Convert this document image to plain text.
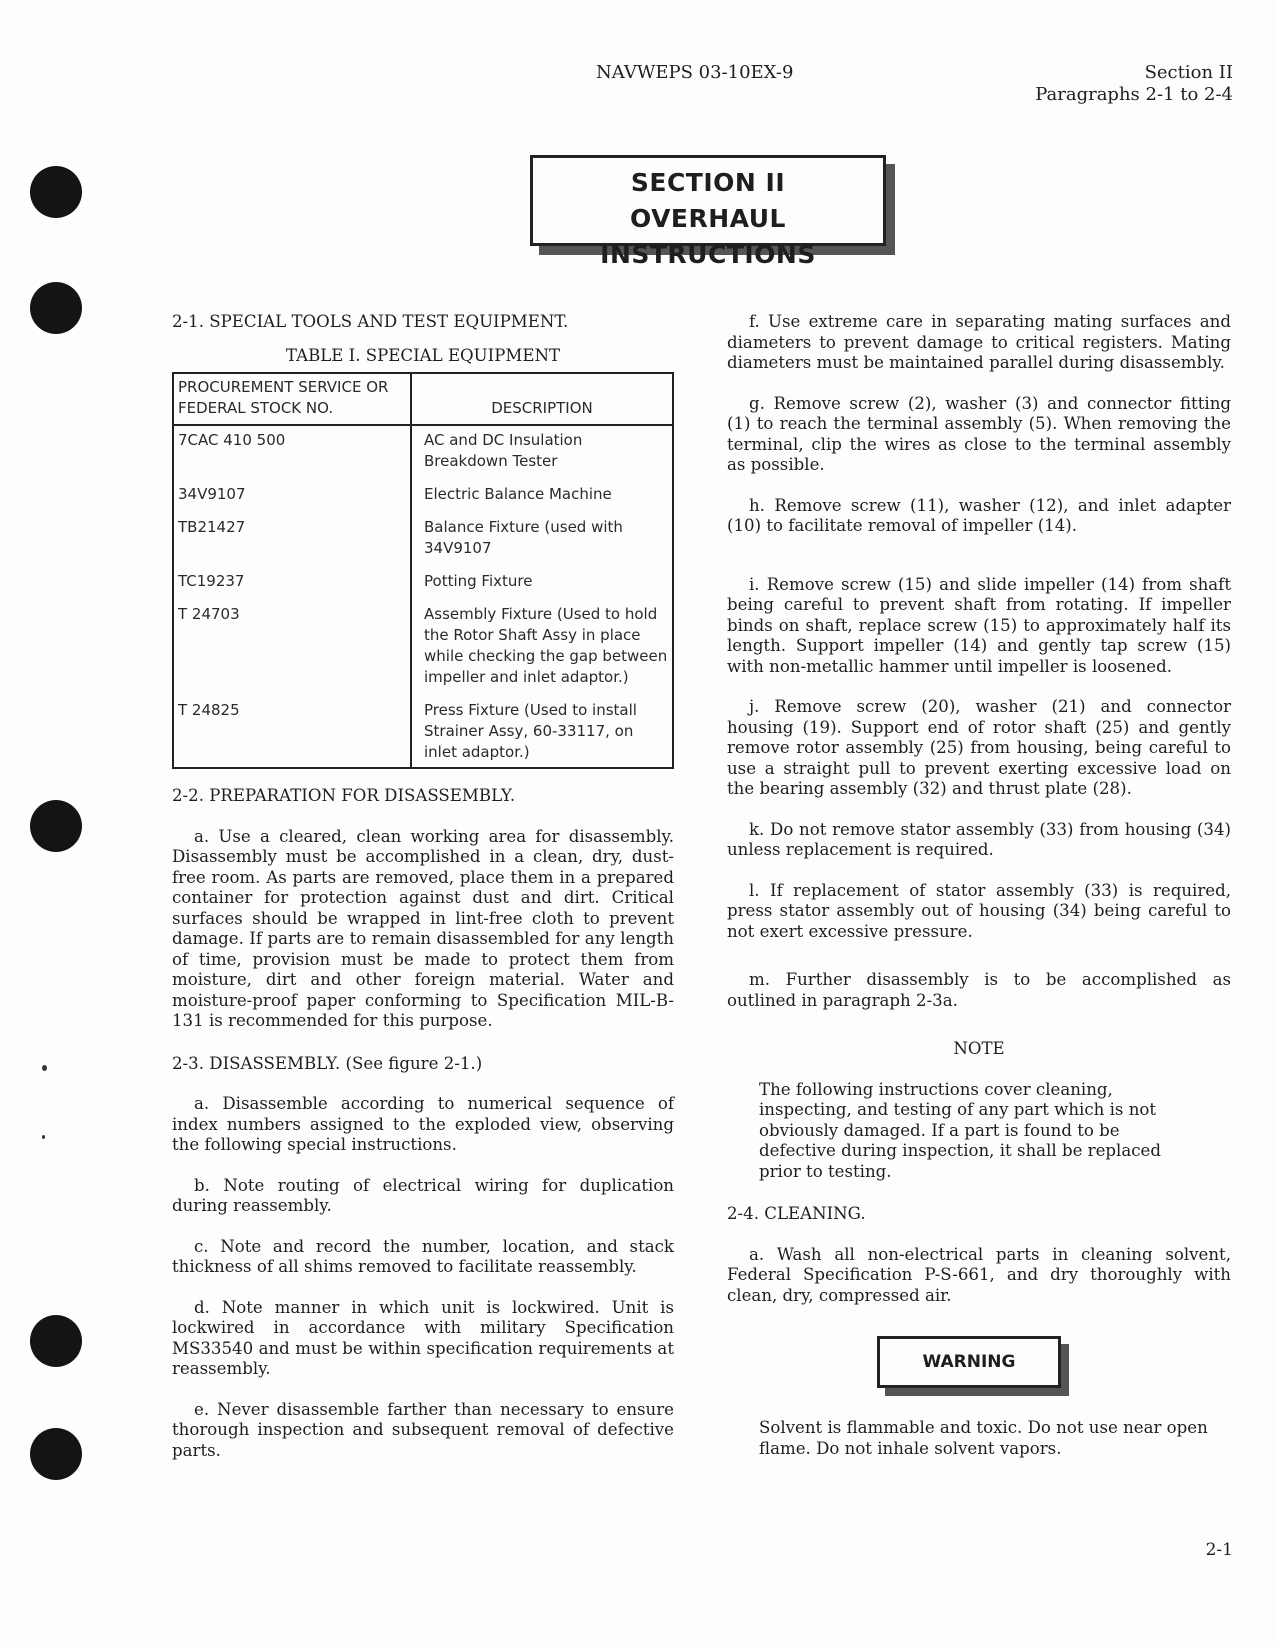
NAVWEPS 03-10EX-9	Section II
Paragraphs 2-1 to 2-4
SECTION II
OVERHAUL INSTRUCTIONS

2-1. SPECIAL TOOLS AND TEST EQUIPMENT.

TABLE I. SPECIAL EQUIPMENT
PROCUREMENT SERVICE OR FEDERAL STOCK NO.	DESCRIPTION
7CAC 410 500	AC and DC Insulation Breakdown Tester
34V9107	Electric Balance Machine
TB21427	Balance Fixture (used with 34V9107
TC19237	Potting Fixture
T 24703	Assembly Fixture (Used to hold the Rotor Shaft Assy in place while checking the gap between impeller and inlet adaptor.)
T 24825	Press Fixture (Used to install Strainer Assy, 60-33117, on inlet adaptor.)

2-2. PREPARATION FOR DISASSEMBLY.

a. Use a cleared, clean working area for disassembly. Disassembly must be accomplished in a clean, dry, dust-free room. As parts are removed, place them in a prepared container for protection against dust and dirt. Critical surfaces should be wrapped in lint-free cloth to prevent damage. If parts are to remain disassembled for any length of time, provision must be made to protect them from moisture, dirt and other foreign material. Water and moisture-proof paper conforming to Specification MIL-B-131 is recommended for this purpose.

2-3. DISASSEMBLY. (See figure 2-1.)

a. Disassemble according to numerical sequence of index numbers assigned to the exploded view, observing the following special instructions.

b. Note routing of electrical wiring for duplication during reassembly.

c. Note and record the number, location, and stack thickness of all shims removed to facilitate reassembly.

d. Note manner in which unit is lockwired. Unit is lockwired in accordance with military Specification MS33540 and must be within specification requirements at reassembly.

e. Never disassemble farther than necessary to ensure thorough inspection and subsequent removal of defective parts.

f. Use extreme care in separating mating surfaces and diameters to prevent damage to critical registers. Mating diameters must be maintained parallel during disassembly.

g. Remove screw (2), washer (3) and connector fitting (1) to reach the terminal assembly (5). When removing the terminal, clip the wires as close to the terminal assembly as possible.

h. Remove screw (11), washer (12), and inlet adapter (10) to facilitate removal of impeller (14).

i. Remove screw (15) and slide impeller (14) from shaft being careful to prevent shaft from rotating. If impeller binds on shaft, replace screw (15) to approximately half its length. Support impeller (14) and gently tap screw (15) with non-metallic hammer until impeller is loosened.

j. Remove screw (20), washer (21) and connector housing (19). Support end of rotor shaft (25) and gently remove rotor assembly (25) from housing, being careful to use a straight pull to prevent exerting excessive load on the bearing assembly (32) and thrust plate (28).

k. Do not remove stator assembly (33) from housing (34) unless replacement is required.

l. If replacement of stator assembly (33) is required, press stator assembly out of housing (34) being careful to not exert excessive pressure.

m. Further disassembly is to be accomplished as outlined in paragraph 2-3a.

NOTE

The following instructions cover cleaning, inspecting, and testing of any part which is not obviously damaged. If a part is found to be defective during inspection, it shall be replaced prior to testing.

2-4. CLEANING.

a. Wash all non-electrical parts in cleaning solvent, Federal Specification P-S-661, and dry thoroughly with clean, dry, compressed air.

WARNING

Solvent is flammable and toxic. Do not use near open flame. Do not inhale solvent vapors.

2-1
